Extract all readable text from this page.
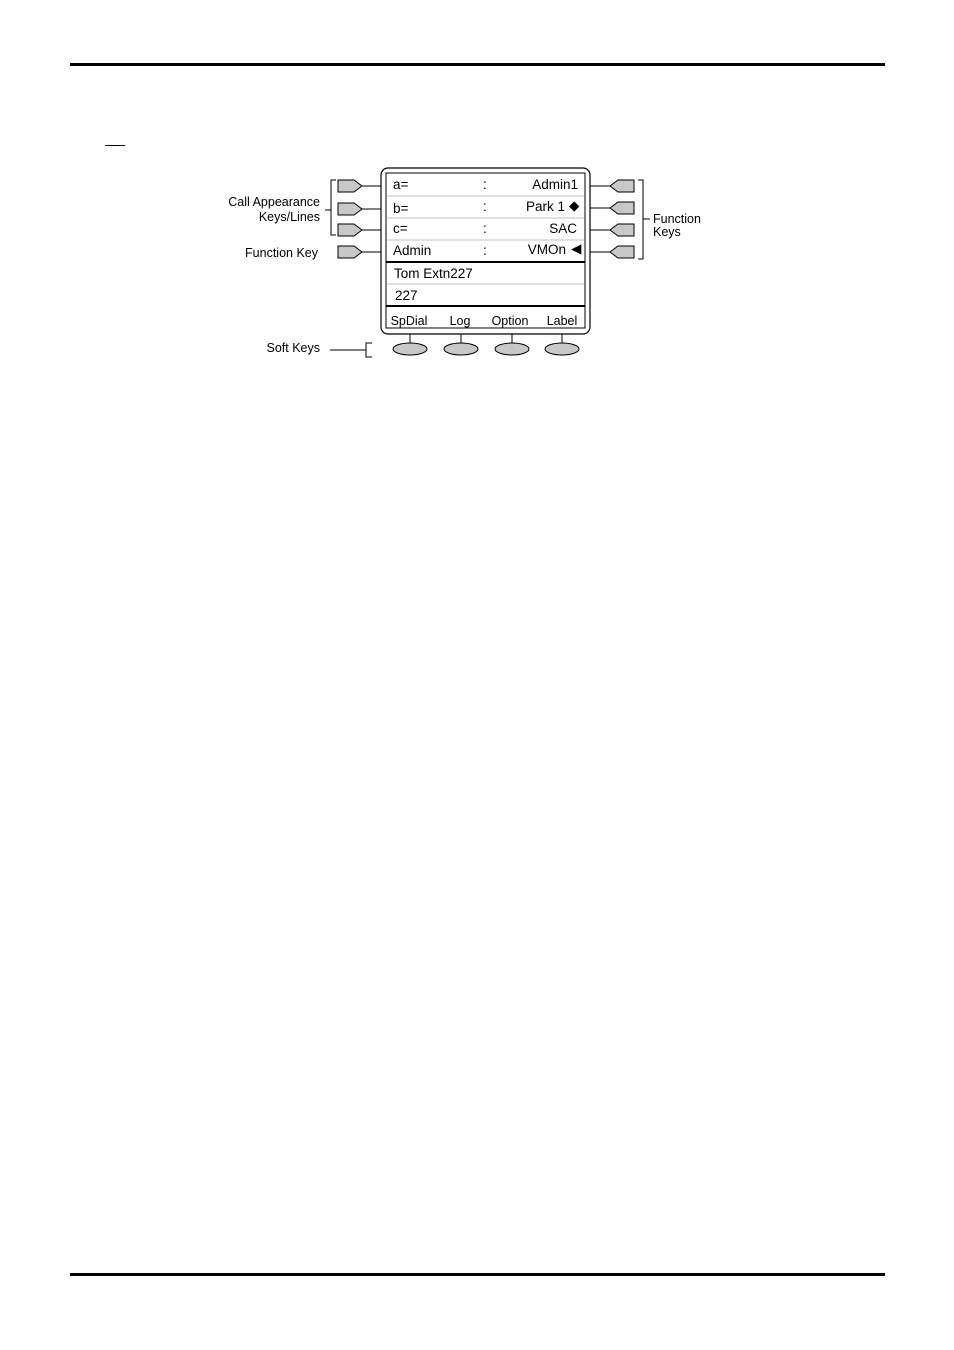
Call Appearance
Keys/Lines
Function Key
Soft Keys
Function
Keys
a=	:	Admin1
b=	:	Park 1 ◆
c=	:	SAC
Admin	:	VMOn ◀
Tom Extn227
227
SpDial Log Option Label
